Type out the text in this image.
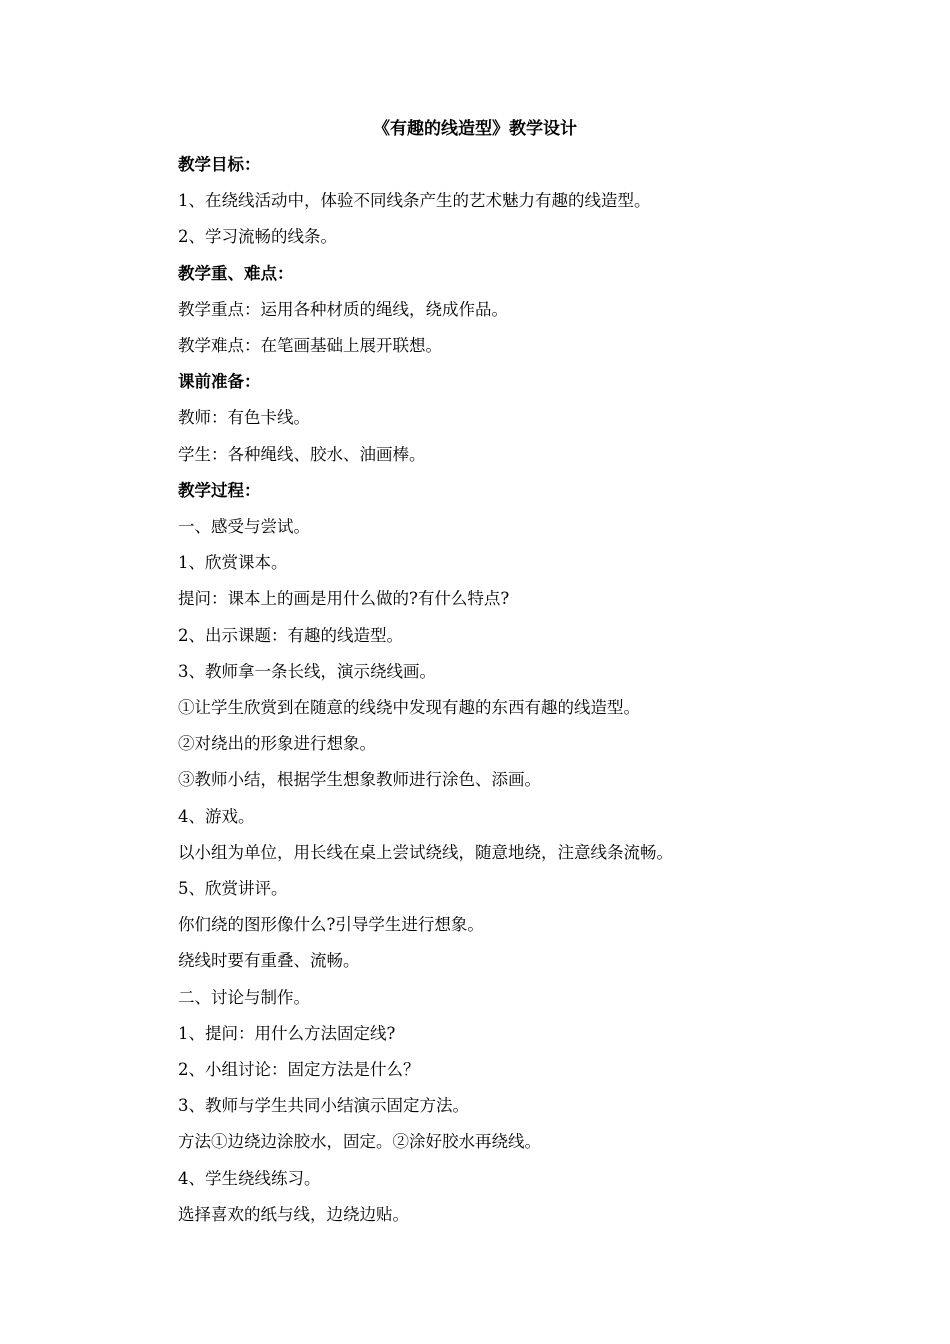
《有趣的线造型》教学设计
教学目标：
1、在绕线活动中，体验不同线条产生的艺术魅力有趣的线造型。
2、学习流畅的线条。
教学重、难点：
教学重点：运用各种材质的绳线，绕成作品。
教学难点：在笔画基础上展开联想。
课前准备：
教师：有色卡线。
学生：各种绳线、胶水、油画棒。
教学过程：
一、感受与尝试。
1、欣赏课本。
提问：课本上的画是用什么做的?有什么特点?
2、出示课题：有趣的线造型。
3、教师拿一条长线，演示绕线画。
①让学生欣赏到在随意的线绕中发现有趣的东西有趣的线造型。
②对绕出的形象进行想象。
③教师小结，根据学生想象教师进行涂色、添画。
4、游戏。
以小组为单位，用长线在桌上尝试绕线，随意地绕，注意线条流畅。
5、欣赏讲评。
你们绕的图形像什么?引导学生进行想象。
绕线时要有重叠、流畅。
二、讨论与制作。
1、提问：用什么方法固定线?
2、小组讨论：固定方法是什么？
3、教师与学生共同小结演示固定方法。
方法①边绕边涂胶水，固定。②涂好胶水再绕线。
4、学生绕线练习。
选择喜欢的纸与线，边绕边贴。
